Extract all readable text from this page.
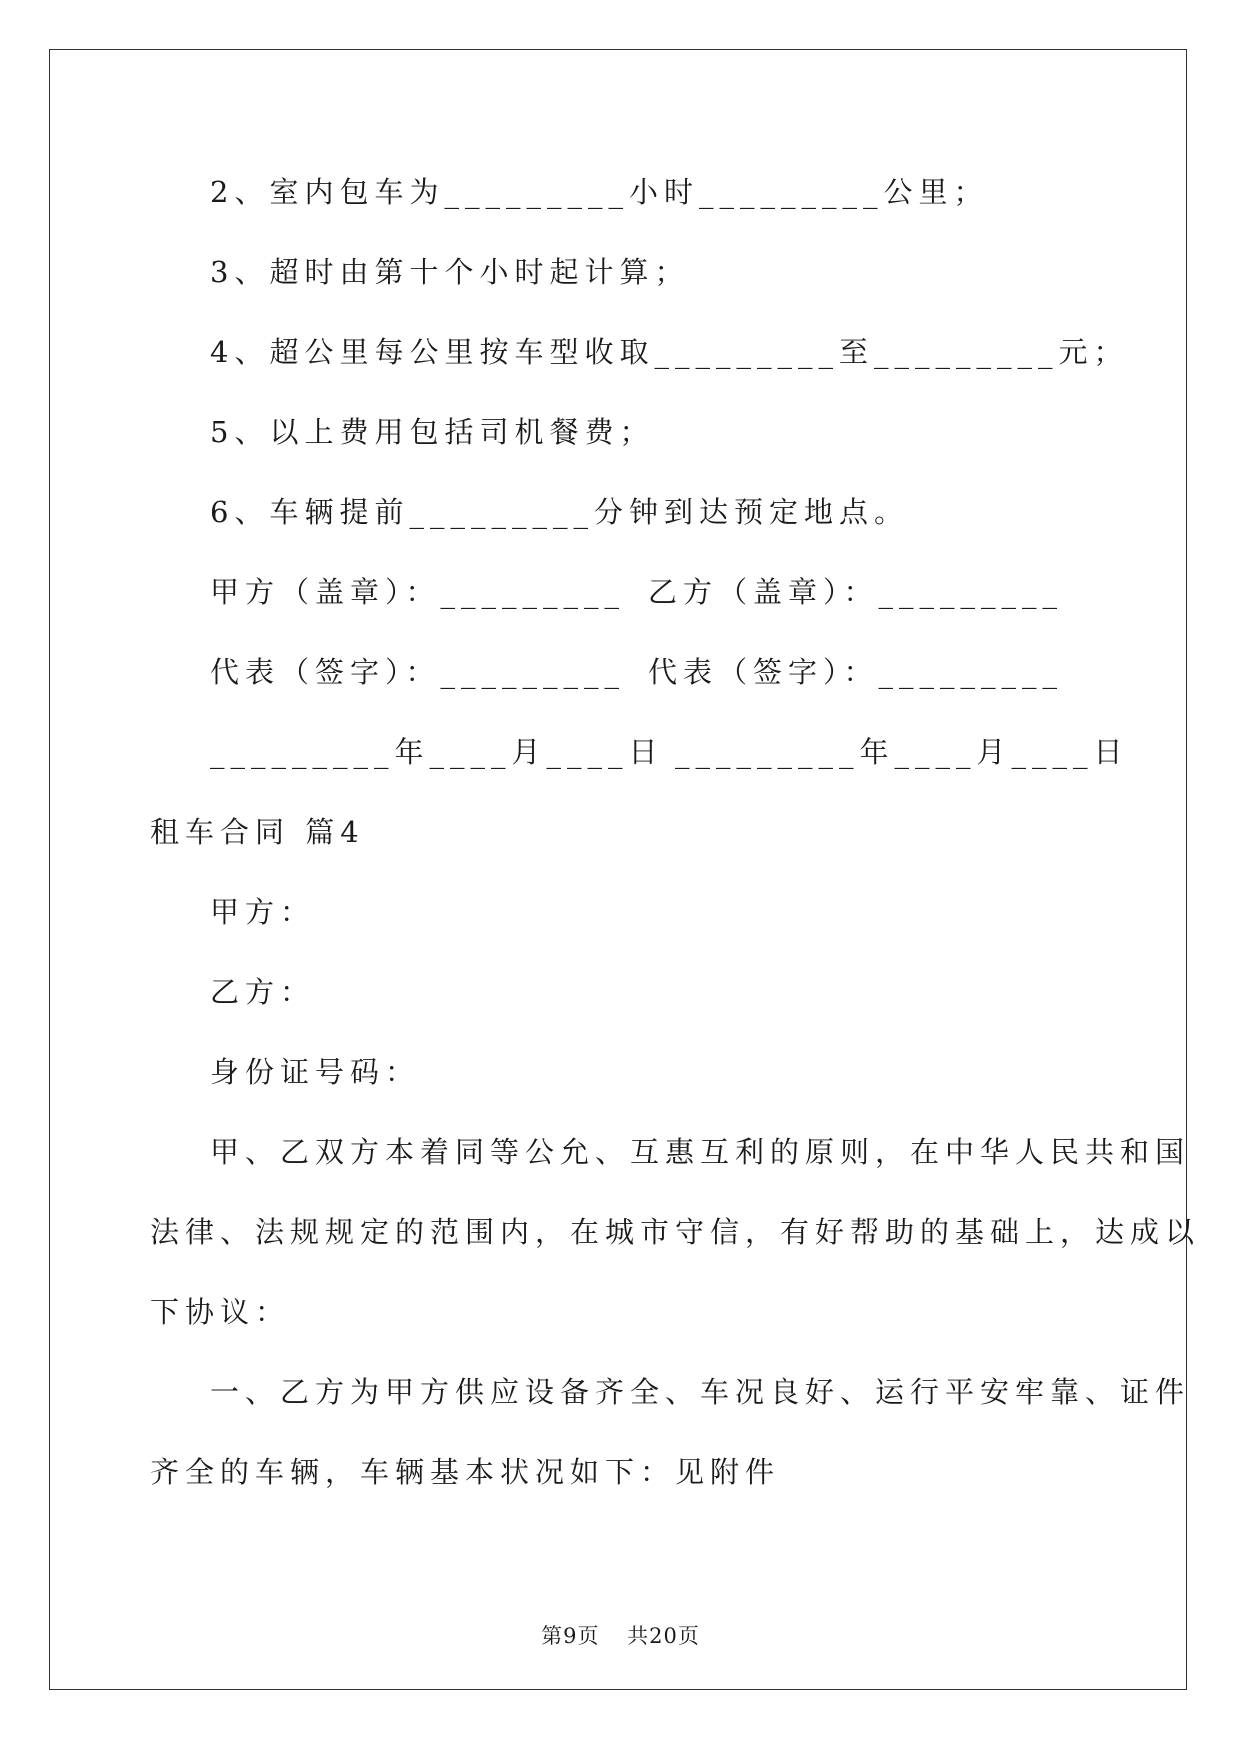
2、室内包车为_________小时_________公里；
3、超时由第十个小时起计算；
4、超公里每公里按车型收取_________至_________元；
5、以上费用包括司机餐费；
6、车辆提前_________分钟到达预定地点。
甲方（盖章）：_________ 乙方（盖章）：_________
代表（签字）：_________ 代表（签字）：_________
_________年____月____日 _________年____月____日
租车合同 篇4
甲方：
乙方：
身份证号码：
甲、乙双方本着同等公允、互惠互利的原则，在中华人民共和国
法律、法规规定的范围内，在城市守信，有好帮助的基础上，达成以
下协议：
一、乙方为甲方供应设备齐全、车况良好、运行平安牢靠、证件
齐全的车辆，车辆基本状况如下：见附件
第9页 共20页
